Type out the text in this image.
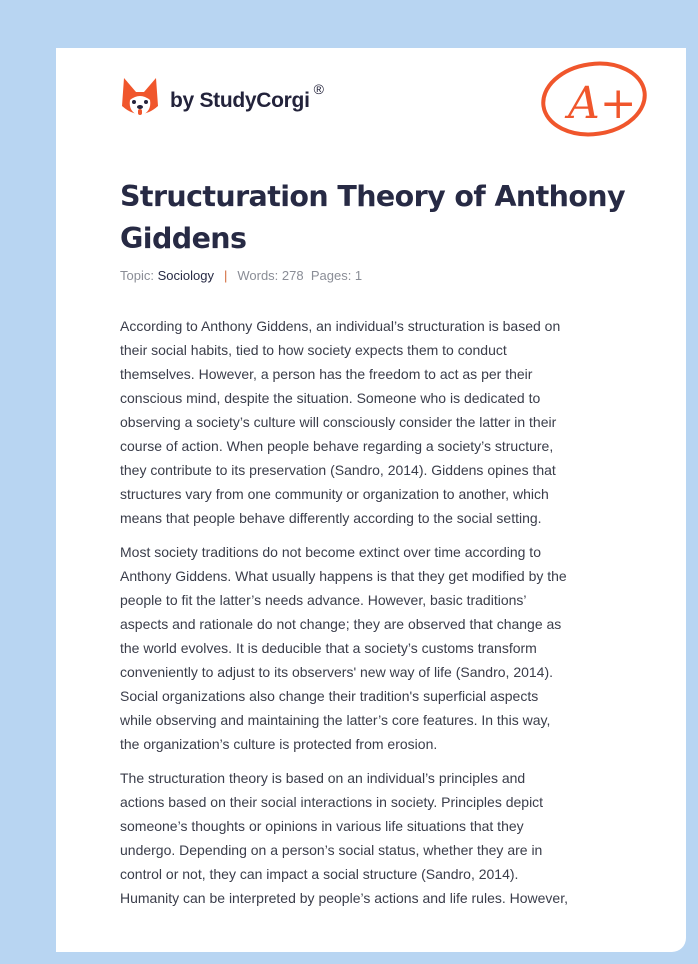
by StudyCorgi ®	A+
Structuration Theory of Anthony Giddens
Topic: Sociology | Words: 278 Pages: 1
According to Anthony Giddens, an individual’s structuration is based on
their social habits, tied to how society expects them to conduct
themselves. However, a person has the freedom to act as per their
conscious mind, despite the situation. Someone who is dedicated to
observing a society’s culture will consciously consider the latter in their
course of action. When people behave regarding a society’s structure,
they contribute to its preservation (Sandro, 2014). Giddens opines that
structures vary from one community or organization to another, which
means that people behave differently according to the social setting.
Most society traditions do not become extinct over time according to
Anthony Giddens. What usually happens is that they get modified by the
people to fit the latter’s needs advance. However, basic traditions’
aspects and rationale do not change; they are observed that change as
the world evolves. It is deducible that a society’s customs transform
conveniently to adjust to its observers' new way of life (Sandro, 2014).
Social organizations also change their tradition's superficial aspects
while observing and maintaining the latter’s core features. In this way,
the organization’s culture is protected from erosion.
The structuration theory is based on an individual’s principles and
actions based on their social interactions in society. Principles depict
someone’s thoughts or opinions in various life situations that they
undergo. Depending on a person’s social status, whether they are in
control or not, they can impact a social structure (Sandro, 2014).
Humanity can be interpreted by people’s actions and life rules. However,
